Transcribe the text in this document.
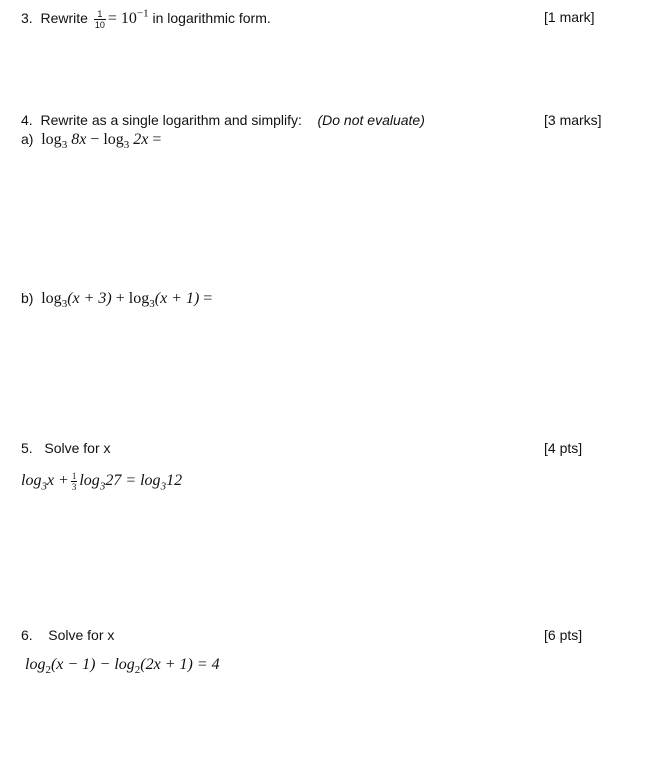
3. Rewrite $\frac{1}{10} = 10^{-1}$ in logarithmic form.	[1 mark]
4. Rewrite as a single logarithm and simplify: (Do not evaluate)	[3 marks]
a) $\log_3 8x - \log_3 2x$ =
b) $\log_3(x + 3) + \log_3(x + 1)$ =
5. Solve for x	[4 pts]
$\log_3x + \frac{1}{3} \log_327 = \log_312$
6. Solve for x	[6 pts]
$\log_2(x - 1) - \log_2(2x + 1) = 4$
